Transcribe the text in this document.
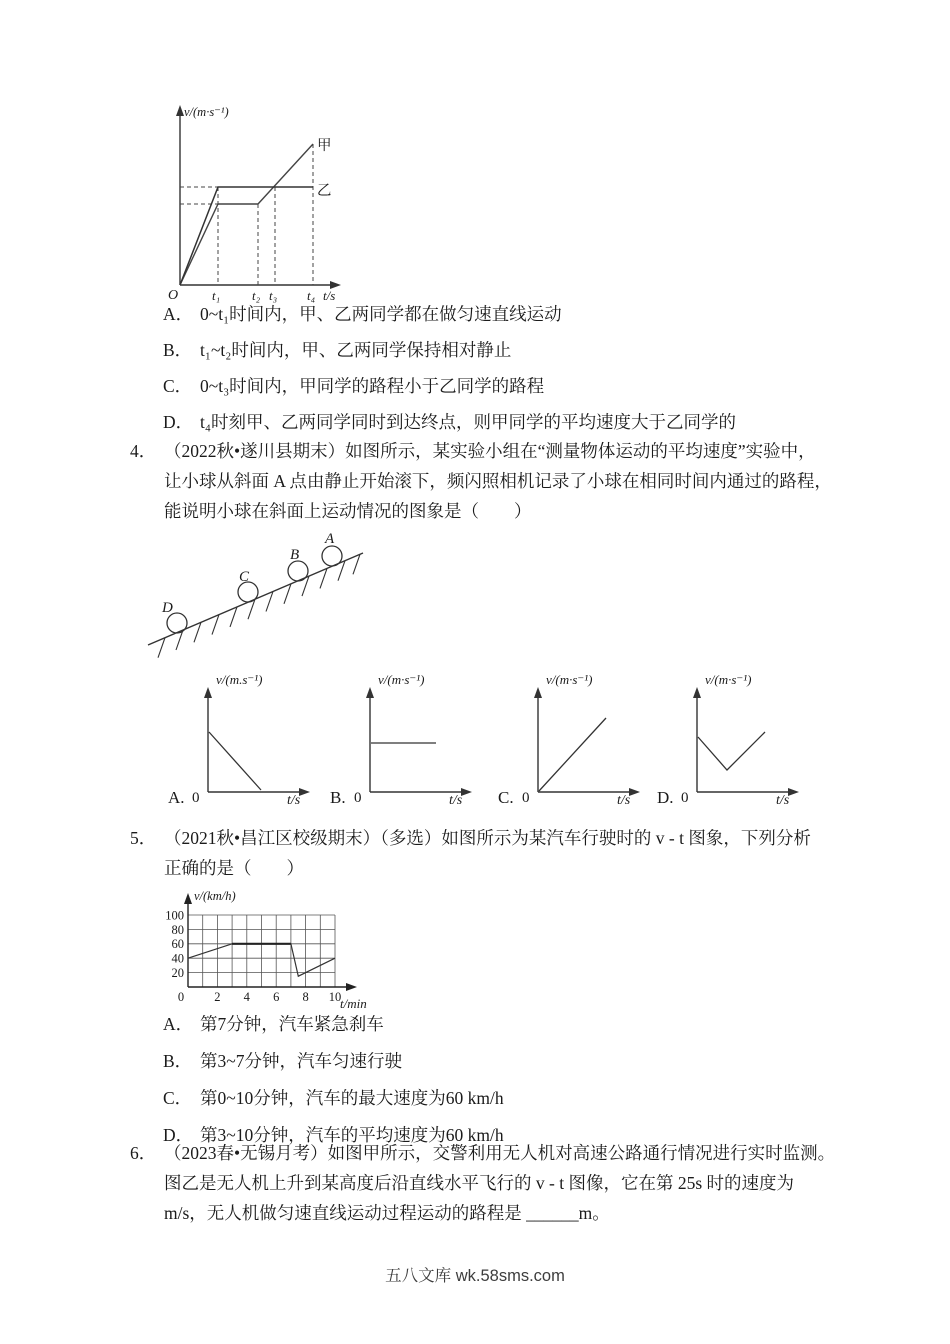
v/(m·s⁻¹)
甲
乙
O	t₁ t₂ t₃ t₄ t/s
A． 0~t₁时间内，甲、乙两同学都在做匀速直线运动
B． t₁~t₂时间内，甲、乙两同学保持相对静止
C． 0~t₃时间内，甲同学的路程小于乙同学的路程
D． t₄时刻甲、乙两同学同时到达终点，则甲同学的平均速度大于乙同学的
4． （2022秋•遂川县期末）如图所示，某实验小组在“测量物体运动的平均速度”实验中，
让小球从斜面 A 点由静止开始滚下，频闪照相机记录了小球在相同时间内通过的路程，
能说明小球在斜面上运动情况的图象是（　　）
A
B
C
D
v/(m.s⁻¹)
A. 0	t/s
v/(m·s⁻¹)
B. 0	t/s
v/(m·s⁻¹)
C. 0	t/s
v/(m·s⁻¹)
D. 0	t/s
5． （2021秋•昌江区校级期末）（多选）如图所示为某汽车行驶时的 v - t 图象，下列分析
正确的是（　　）
v/(km/h)
20
40
60
80
100
0 2 4 6 8 10
t/min
A． 第7分钟，汽车紧急刹车
B． 第3~7分钟，汽车匀速行驶
C． 第0~10分钟，汽车的最大速度为60 km/h
D． 第3~10分钟，汽车的平均速度为60 km/h
6． （2023春•无锡月考）如图甲所示，交警利用无人机对高速公路通行情况进行实时监测。
图乙是无人机上升到某高度后沿直线水平飞行的 v - t 图像，它在第 25s 时的速度为
m/s，无人机做匀速直线运动过程运动的路程是 ______m。
五八文库 wk.58sms.com
